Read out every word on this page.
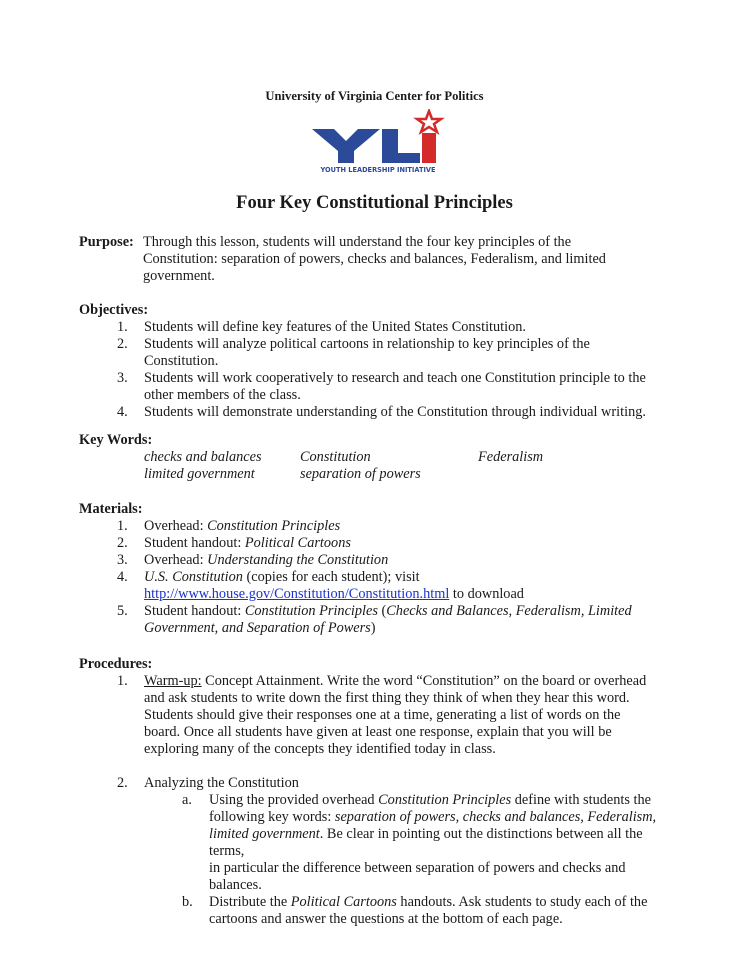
University of Virginia Center for Politics
YOUTH LEADERSHIP INITIATIVE
Four Key Constitutional Principles
Purpose: Through this lesson, students will understand the four key principles of the
Constitution: separation of powers, checks and balances, Federalism, and limited
government.
Objectives:
1. Students will define key features of the United States Constitution.
2. Students will analyze political cartoons in relationship to key principles of the
Constitution.
3. Students will work cooperatively to research and teach one Constitution principle to the
other members of the class.
4. Students will demonstrate understanding of the Constitution through individual writing.
Key Words:
checks and balances	Constitution	Federalism
limited government	separation of powers
Materials:
1. Overhead: Constitution Principles
2. Student handout: Political Cartoons
3. Overhead: Understanding the Constitution
4. U.S. Constitution (copies for each student); visit
http://www.house.gov/Constitution/Constitution.html to download
5. Student handout: Constitution Principles (Checks and Balances, Federalism, Limited
Government, and Separation of Powers)
Procedures:
1. Warm-up: Concept Attainment. Write the word “Constitution” on the board or overhead
and ask students to write down the first thing they think of when they hear this word.
Students should give their responses one at a time, generating a list of words on the
board. Once all students have given at least one response, explain that you will be
exploring many of the concepts they identified today in class.
2. Analyzing the Constitution
a. Using the provided overhead Constitution Principles define with students the
following key words: separation of powers, checks and balances, Federalism,
limited government. Be clear in pointing out the distinctions between all the terms,
in particular the difference between separation of powers and checks and balances.
b. Distribute the Political Cartoons handouts. Ask students to study each of the
cartoons and answer the questions at the bottom of each page.
